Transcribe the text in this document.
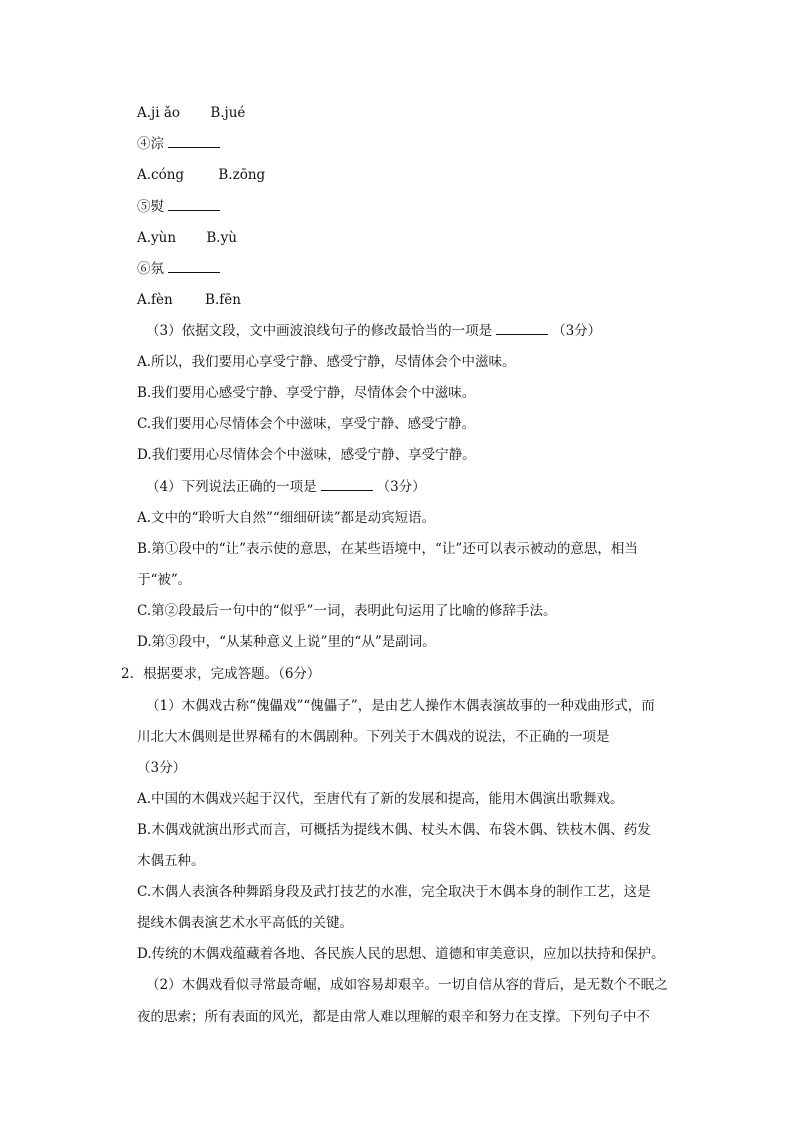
A.ji ǎo B.jué
④淙
A.cóng	B.zōng
⑤熨
A.yùn B.yù
⑥氛
A.fèn B.fēn
（3）依据文段，文中画波浪线句子的修改最恰当的一项是	（3分）
A.所以，我们要用心享受宁静、感受宁静，尽情体会个中滋味。
B.我们要用心感受宁静、享受宁静，尽情体会个中滋味。
C.我们要用心尽情体会个中滋味，享受宁静、感受宁静。
D.我们要用心尽情体会个中滋味，感受宁静、享受宁静。
（4）下列说法正确的一项是	（3分）
A.文中的“聆听大自然”“细细研读”都是动宾短语。
B.第①段中的“让”表示使的意思，在某些语境中，“让”还可以表示被动的意思，相当
于“被”。
C.第②段最后一句中的“似乎”一词，表明此句运用了比喻的修辞手法。
D.第③段中，“从某种意义上说”里的“从”是副词。
2．根据要求，完成答题。（6分）
（1）木偶戏古称“傀儡戏”“傀儡子”，是由艺人操作木偶表演故事的一种戏曲形式，而
川北大木偶则是世界稀有的木偶剧种。下列关于木偶戏的说法，不正确的一项是
（3分）
A.中国的木偶戏兴起于汉代，至唐代有了新的发展和提高，能用木偶演出歌舞戏。
B.木偶戏就演出形式而言，可概括为提线木偶、杖头木偶、布袋木偶、铁枝木偶、药发
木偶五种。
C.木偶人表演各种舞蹈身段及武打技艺的水准，完全取决于木偶本身的制作工艺，这是
提线木偶表演艺术水平高低的关键。
D.传统的木偶戏蕴藏着各地、各民族人民的思想、道德和审美意识，应加以扶持和保护。
（2）木偶戏看似寻常最奇崛，成如容易却艰辛。一切自信从容的背后，是无数个不眠之
夜的思索；所有表面的风光，都是由常人难以理解的艰辛和努力在支撑。下列句子中不
